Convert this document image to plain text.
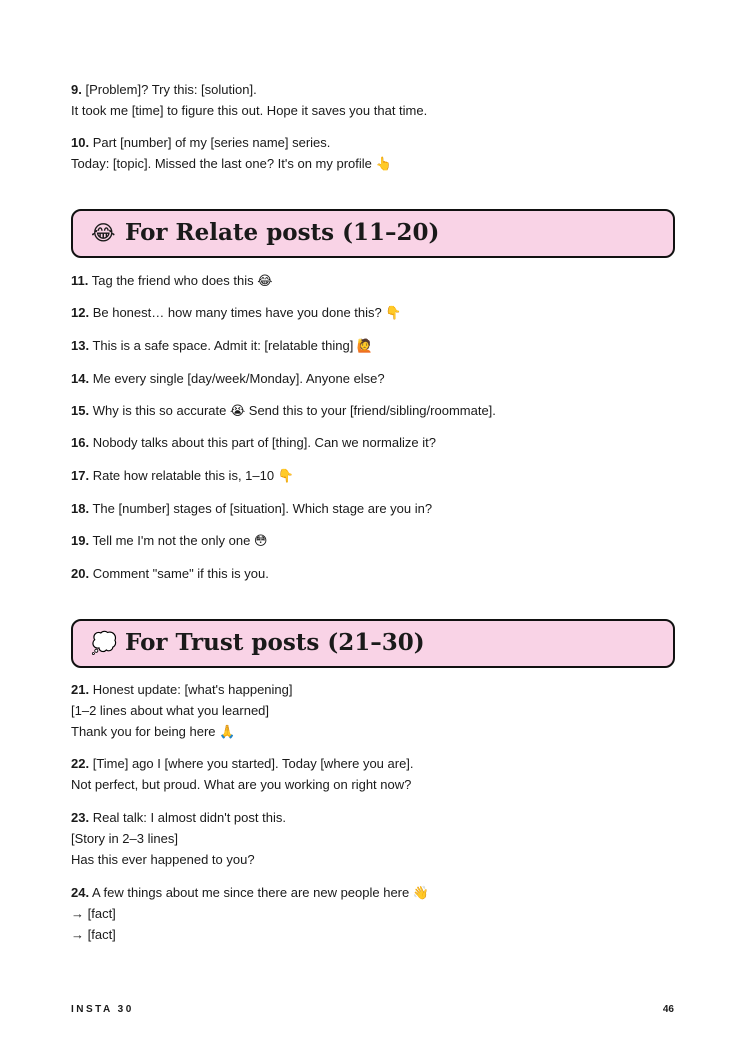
9. [Problem]? Try this: [solution].
It took me [time] to figure this out. Hope it saves you that time.
10. Part [number] of my [series name] series.
Today: [topic]. Missed the last one? It's on my profile 👆
😂 For Relate posts (11–20)
11. Tag the friend who does this 😂
12. Be honest… how many times have you done this? 👇
13. This is a safe space. Admit it: [relatable thing] 🙋
14. Me every single [day/week/Monday]. Anyone else?
15. Why is this so accurate 😭 Send this to your [friend/sibling/roommate].
16. Nobody talks about this part of [thing]. Can we normalize it?
17. Rate how relatable this is, 1–10 👇
18. The [number] stages of [situation]. Which stage are you in?
19. Tell me I'm not the only one 😳
20. Comment "same" if this is you.
💭 For Trust posts (21–30)
21. Honest update: [what's happening]
[1–2 lines about what you learned]
Thank you for being here 🙏
22. [Time] ago I [where you started]. Today [where you are].
Not perfect, but proud. What are you working on right now?
23. Real talk: I almost didn't post this.
[Story in 2–3 lines]
Has this ever happened to you?
24. A few things about me since there are new people here 👋
→ [fact]
→ [fact]
INSTA 30	46
